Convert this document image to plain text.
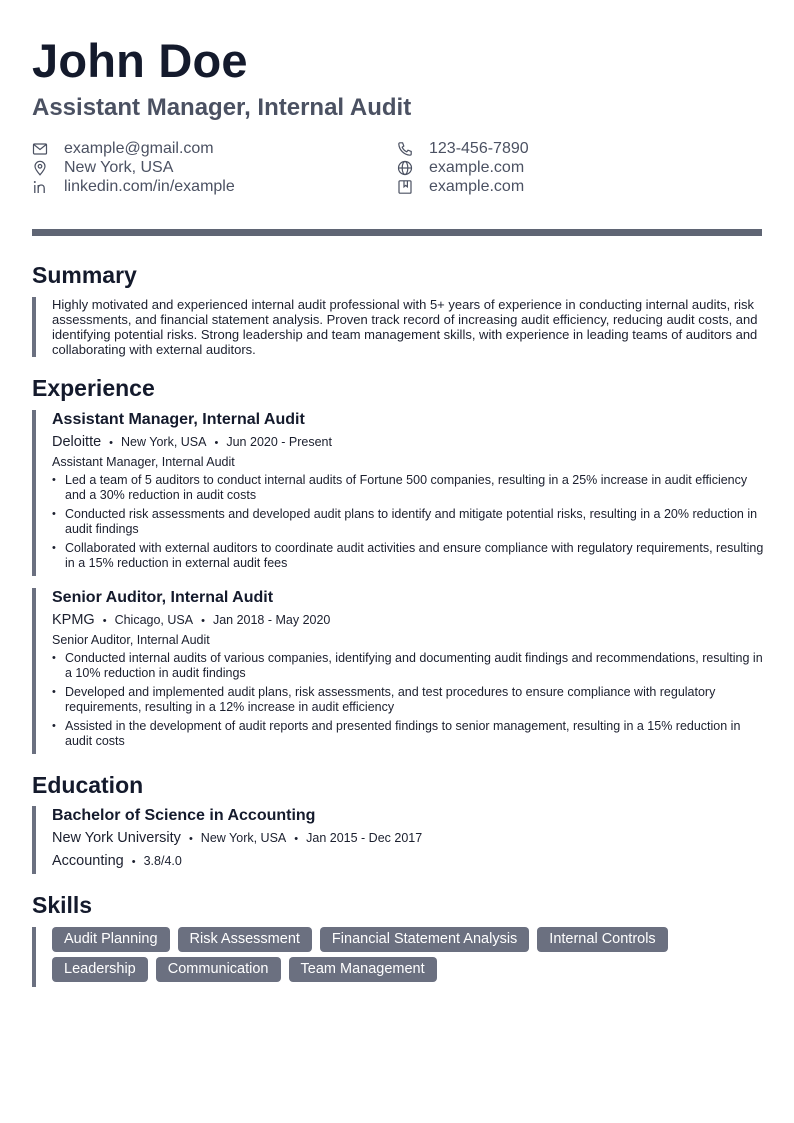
John Doe
Assistant Manager, Internal Audit
example@gmail.com	123-456-7890
New York, USA	example.com
linkedin.com/in/example	example.com
Summary
Highly motivated and experienced internal audit professional with 5+ years of experience in conducting internal audits, risk assessments, and financial statement analysis. Proven track record of increasing audit efficiency, reducing audit costs, and identifying potential risks. Strong leadership and team management skills, with experience in leading teams of auditors and collaborating with external auditors.
Experience
Assistant Manager, Internal Audit
Deloitte • New York, USA • Jun 2020 - Present
Assistant Manager, Internal Audit
• Led a team of 5 auditors to conduct internal audits of Fortune 500 companies, resulting in a 25% increase in audit efficiency and a 30% reduction in audit costs
• Conducted risk assessments and developed audit plans to identify and mitigate potential risks, resulting in a 20% reduction in audit findings
• Collaborated with external auditors to coordinate audit activities and ensure compliance with regulatory requirements, resulting in a 15% reduction in external audit fees
Senior Auditor, Internal Audit
KPMG • Chicago, USA • Jan 2018 - May 2020
Senior Auditor, Internal Audit
• Conducted internal audits of various companies, identifying and documenting audit findings and recommendations, resulting in a 10% reduction in audit findings
• Developed and implemented audit plans, risk assessments, and test procedures to ensure compliance with regulatory requirements, resulting in a 12% increase in audit efficiency
• Assisted in the development of audit reports and presented findings to senior management, resulting in a 15% reduction in audit costs
Education
Bachelor of Science in Accounting
New York University • New York, USA • Jan 2015 - Dec 2017
Accounting • 3.8/4.0
Skills
Audit Planning	Risk Assessment	Financial Statement Analysis	Internal Controls
Leadership	Communication	Team Management
